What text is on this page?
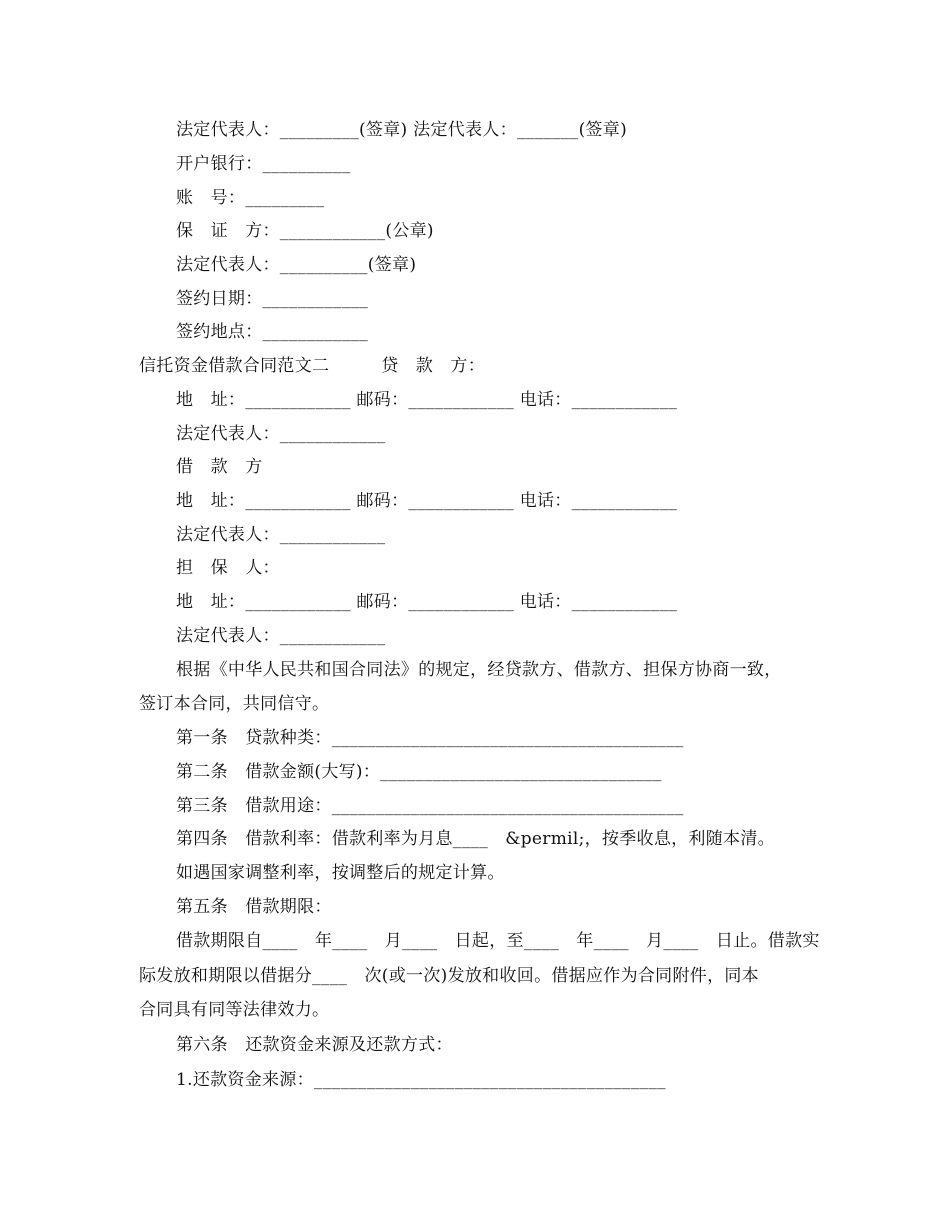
法定代表人：_________(签章) 法定代表人：_______(签章)
开户银行：__________
账　号：_________
保　证　方：____________(公章)
法定代表人：__________(签章)
签约日期：____________
签约地点：____________
信托资金借款合同范文二　　　贷　款　方：
地　址：____________ 邮码：____________ 电话：____________
法定代表人：____________
借　款　方
地　址：____________ 邮码：____________ 电话：____________
法定代表人：____________
担　保　人：
地　址：____________ 邮码：____________ 电话：____________
法定代表人：____________
根据《中华人民共和国合同法》的规定，经贷款方、借款方、担保方协商一致，
签订本合同，共同信守。
第一条　贷款种类：________________________________________
第二条　借款金额(大写)：________________________________
第三条　借款用途：________________________________________
第四条　借款利率：借款利率为月息____　&permil;，按季收息，利随本清。
如遇国家调整利率，按调整后的规定计算。
第五条　借款期限：
借款期限自____　年____　月____　日起，至____　年____　月____　日止。借款实
际发放和期限以借据分____　次(或一次)发放和收回。借据应作为合同附件，同本
合同具有同等法律效力。
第六条　还款资金来源及还款方式：
1.还款资金来源：________________________________________
